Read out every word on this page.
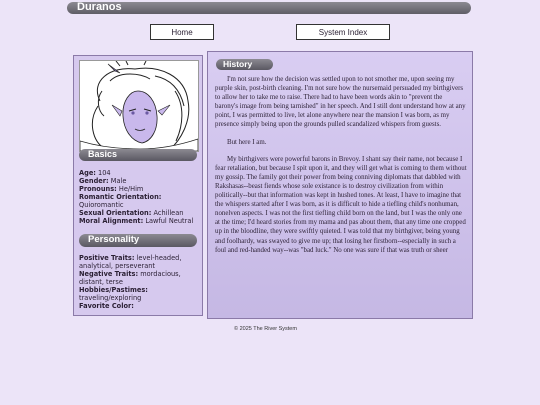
Duranos
Home	System Index
Basics
Age: 104
Gender: Male
Pronouns: He/Him
Romantic Orientation:
Quioromantic
Sexual Orientation: Achillean
Moral Alignment: Lawful Neutral
Personality
Positive Traits: level-headed, analytical, perseverant
Negative Traits: mordacious, distant, terse
Hobbies/Pastimes:
traveling/exploring
Favorite Color:
History

I'm not sure how the decision was settled upon to not smother me, upon seeing my purple skin, post-birth cleaning. I'm not sure how the nursemaid persuaded my birthgivers to allow her to take me to raise. There had to have been words akin to "prevent the barony's image from being tarnished" in her speech. And I still dont understand how at any point, I was permitted to live, let alone anywhere near the mansion I was born, as my presence simply being upon the grounds pulled scandalized whispers from guests.

But here I am.

My birthgivers were powerful barons in Brevoy. I shant say their name, not because I fear retaliation, but because I spit upon it, and they will get what is coming to them without my gossip. The family got their power from being conniving diplomats that dabbled with Rakshasas--beast fiends whose sole existance is to destroy civilization from within politically--but that information was kept in hushed tones. At least, I have to imagine that the whispers started after I was born, as it is difficult to hide a tiefling child's nonhuman, nonelven aspects. I was not the first tiefling child born on the land, but I was the only one at the time; I'd heard stories from my mama and pas about them, that any time one cropped up in the bloodline, they were swiftly quieted. I was told that my birthgiver, being young and foolhardy, was swayed to give me up; that losing her firstborn--especially in such a foul and red-handed way--was "bad luck." No one was sure if that was truth or sheer

© 2025 The River System
